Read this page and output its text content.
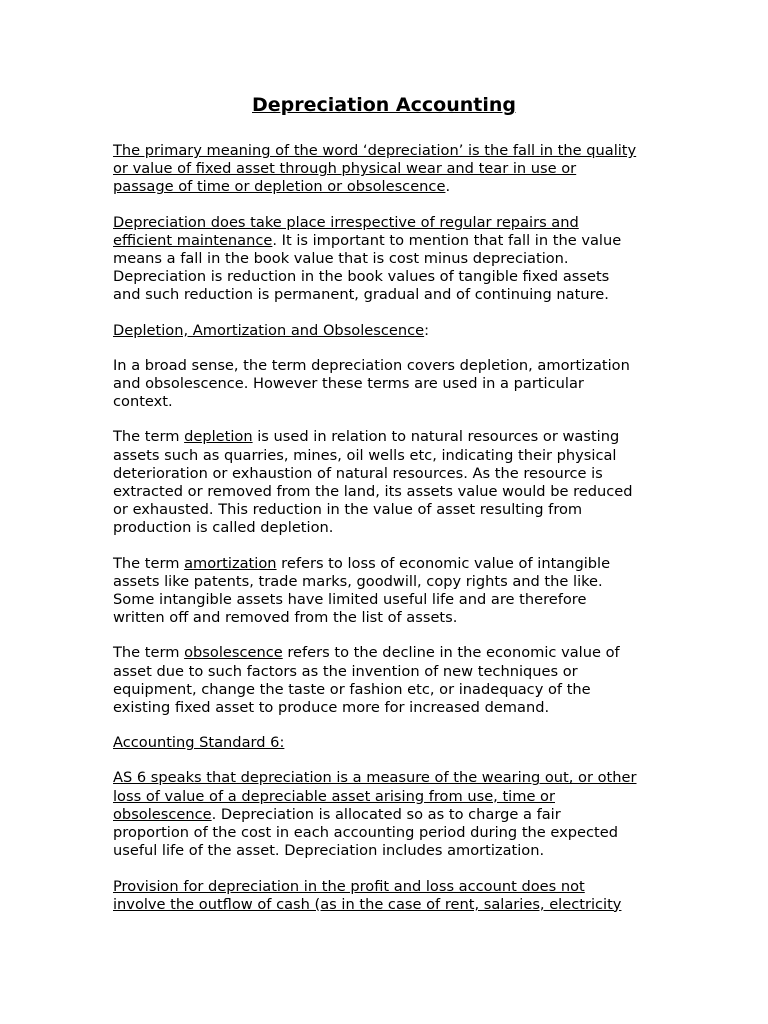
Depreciation Accounting
The primary meaning of the word ‘depreciation’ is the fall in the quality
or value of fixed asset through physical wear and tear in use or
passage of time or depletion or obsolescence.
Depreciation does take place irrespective of regular repairs and
efficient maintenance. It is important to mention that fall in the value
means a fall in the book value that is cost minus depreciation.
Depreciation is reduction in the book values of tangible fixed assets
and such reduction is permanent, gradual and of continuing nature.
Depletion, Amortization and Obsolescence:
In a broad sense, the term depreciation covers depletion, amortization
and obsolescence. However these terms are used in a particular
context.
The term depletion is used in relation to natural resources or wasting
assets such as quarries, mines, oil wells etc, indicating their physical
deterioration or exhaustion of natural resources. As the resource is
extracted or removed from the land, its assets value would be reduced
or exhausted. This reduction in the value of asset resulting from
production is called depletion.
The term amortization refers to loss of economic value of intangible
assets like patents, trade marks, goodwill, copy rights and the like.
Some intangible assets have limited useful life and are therefore
written off and removed from the list of assets.
The term obsolescence refers to the decline in the economic value of
asset due to such factors as the invention of new techniques or
equipment, change the taste or fashion etc, or inadequacy of the
existing fixed asset to produce more for increased demand.
Accounting Standard 6:
AS 6 speaks that depreciation is a measure of the wearing out, or other
loss of value of a depreciable asset arising from use, time or
obsolescence. Depreciation is allocated so as to charge a fair
proportion of the cost in each accounting period during the expected
useful life of the asset. Depreciation includes amortization.
Provision for depreciation in the profit and loss account does not
involve the outflow of cash (as in the case of rent, salaries, electricity
